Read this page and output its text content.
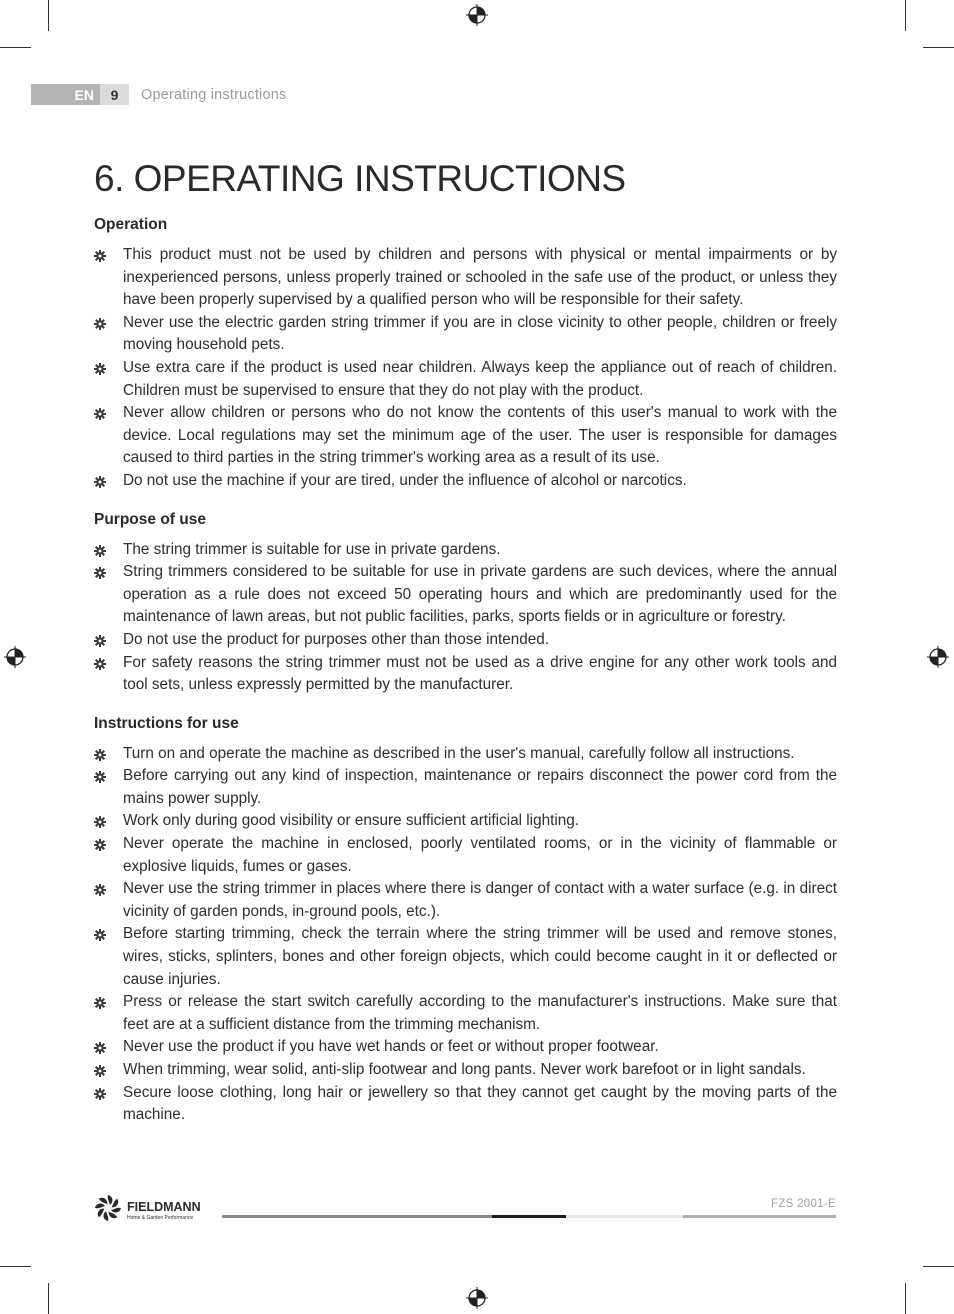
EN	9	Operating instructions
6. OPERATING INSTRUCTIONS
Operation
This product must not be used by children and persons with physical or mental impairments or by inexperienced persons, unless properly trained or schooled in the safe use of the product, or unless they have been properly supervised by a qualified person who will be responsible for their safety.
Never use the electric garden string trimmer if you are in close vicinity to other people, children or freely moving household pets.
Use extra care if the product is used near children. Always keep the appliance out of reach of children. Children must be supervised to ensure that they do not play with the product.
Never allow children or persons who do not know the contents of this user's manual to work with the device. Local regulations may set the minimum age of the user. The user is responsible for damages caused to third parties in the string trimmer's working area as a result of its use.
Do not use the machine if your are tired, under the influence of alcohol or narcotics.
Purpose of use
The string trimmer is suitable for use in private gardens.
String trimmers considered to be suitable for use in private gardens are such devices, where the annual operation as a rule does not exceed 50 operating hours and which are predominantly used for the maintenance of lawn areas, but not public facilities, parks, sports fields or in agriculture or forestry.
Do not use the product for purposes other than those intended.
For safety reasons the string trimmer must not be used as a drive engine for any other work tools and tool sets, unless expressly permitted by the manufacturer.
Instructions for use
Turn on and operate the machine as described in the user's manual, carefully follow all instructions.
Before carrying out any kind of inspection, maintenance or repairs disconnect the power cord from the mains power supply.
Work only during good visibility or ensure sufficient artificial lighting.
Never operate the machine in enclosed, poorly ventilated rooms, or in the vicinity of flammable or explosive liquids, fumes or gases.
Never use the string trimmer in places where there is danger of contact with a water surface (e.g. in direct vicinity of garden ponds, in-ground pools, etc.).
Before starting trimming, check the terrain where the string trimmer will be used and remove stones, wires, sticks, splinters, bones and other foreign objects, which could become caught in it or deflected or cause injuries.
Press or release the start switch carefully according to the manufacturer's instructions. Make sure that feet are at a sufficient distance from the trimming mechanism.
Never use the product if you have wet hands or feet or without proper footwear.
When trimming, wear solid, anti-slip footwear and long pants. Never work barefoot or in light sandals.
Secure loose clothing, long hair or jewellery so that they cannot get caught by the moving parts of the machine.
FIELDMANN
Home & Garden Performance
FZS 2001-E
